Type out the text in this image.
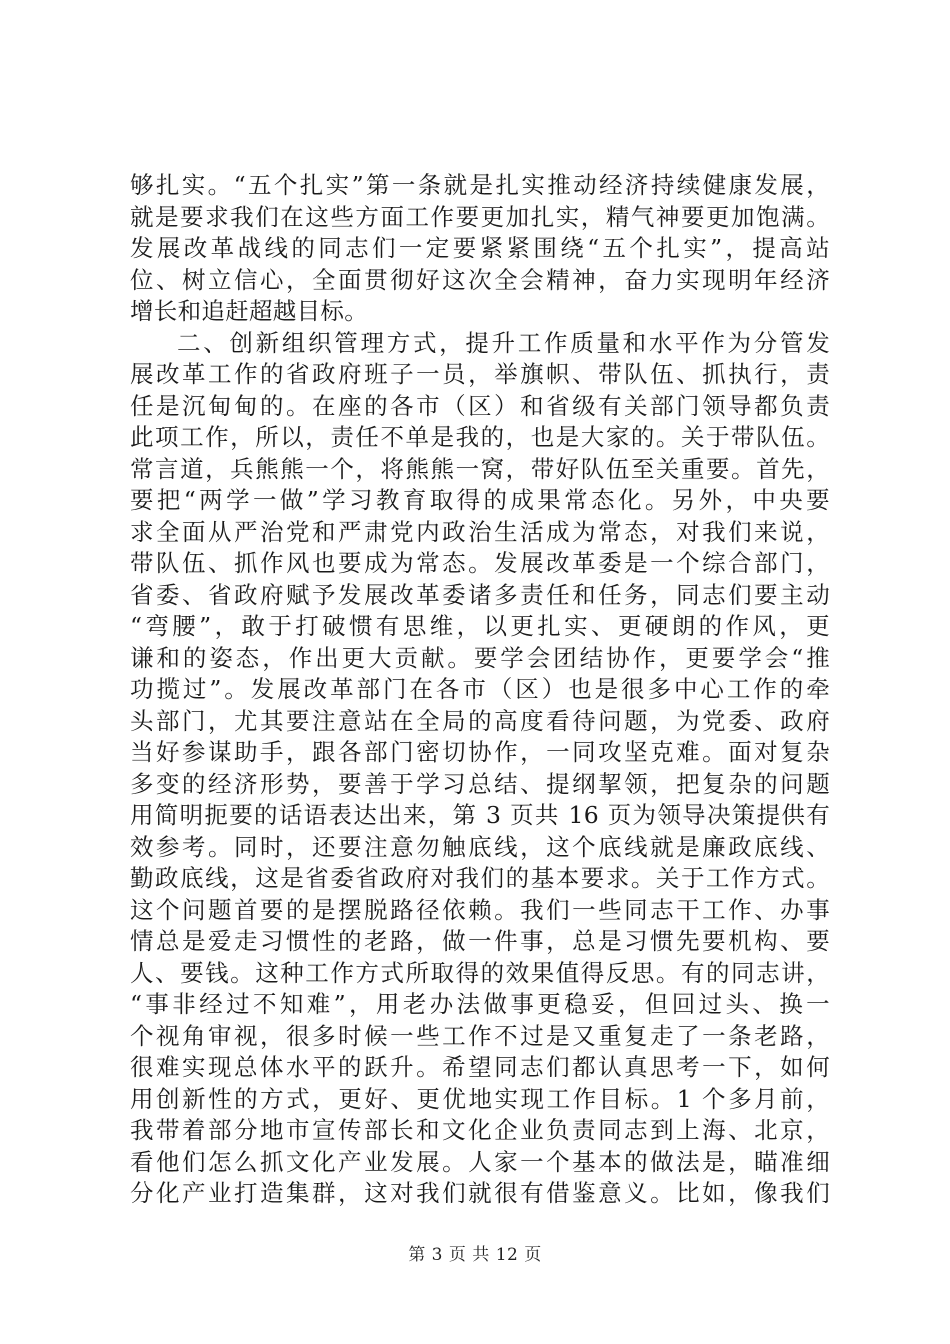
够扎实。“五个扎实”第一条就是扎实推动经济持续健康发展，
就是要求我们在这些方面工作要更加扎实，精气神要更加饱满。
发展改革战线的同志们一定要紧紧围绕“五个扎实”，提高站
位、树立信心，全面贯彻好这次全会精神，奋力实现明年经济
增长和追赶超越目标。
二、创新组织管理方式，提升工作质量和水平作为分管发
展改革工作的省政府班子一员，举旗帜、带队伍、抓执行，责
任是沉甸甸的。在座的各市（区）和省级有关部门领导都负责
此项工作，所以，责任不单是我的，也是大家的。关于带队伍。
常言道，兵熊熊一个，将熊熊一窝，带好队伍至关重要。首先，
要把“两学一做”学习教育取得的成果常态化。另外，中央要
求全面从严治党和严肃党内政治生活成为常态，对我们来说，
带队伍、抓作风也要成为常态。发展改革委是一个综合部门，
省委、省政府赋予发展改革委诸多责任和任务，同志们要主动
“弯腰”，敢于打破惯有思维，以更扎实、更硬朗的作风，更
谦和的姿态，作出更大贡献。要学会团结协作，更要学会“推
功揽过”。发展改革部门在各市（区）也是很多中心工作的牵
头部门，尤其要注意站在全局的高度看待问题，为党委、政府
当好参谋助手，跟各部门密切协作，一同攻坚克难。面对复杂
多变的经济形势，要善于学习总结、提纲挈领，把复杂的问题
用简明扼要的话语表达出来，第 3 页共 16 页为领导决策提供有
效参考。同时，还要注意勿触底线，这个底线就是廉政底线、
勤政底线，这是省委省政府对我们的基本要求。关于工作方式。
这个问题首要的是摆脱路径依赖。我们一些同志干工作、办事
情总是爱走习惯性的老路，做一件事，总是习惯先要机构、要
人、要钱。这种工作方式所取得的效果值得反思。有的同志讲，
“事非经过不知难”，用老办法做事更稳妥，但回过头、换一
个视角审视，很多时候一些工作不过是又重复走了一条老路，
很难实现总体水平的跃升。希望同志们都认真思考一下，如何
用创新性的方式，更好、更优地实现工作目标。1 个多月前，
我带着部分地市宣传部长和文化企业负责同志到上海、北京，
看他们怎么抓文化产业发展。人家一个基本的做法是，瞄准细
分化产业打造集群，这对我们就很有借鉴意义。比如，像我们
第 3 页 共 12 页
